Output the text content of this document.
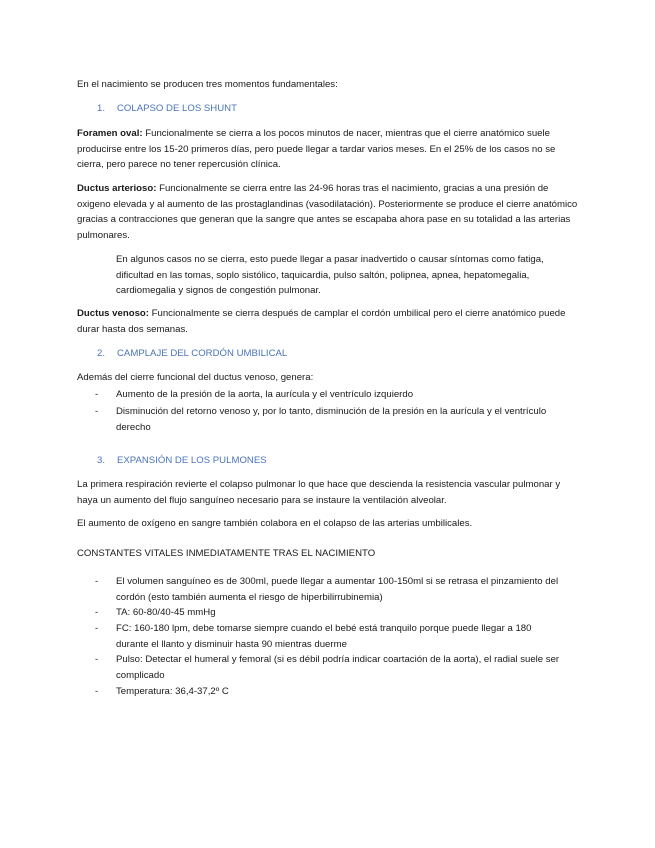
En el nacimiento se producen tres momentos fundamentales:
1. COLAPSO DE LOS SHUNT
Foramen oval: Funcionalmente se cierra a los pocos minutos de nacer, mientras que el cierre anatómico suele producirse entre los 15-20 primeros días, pero puede llegar a tardar varios meses. En el 25% de los casos no se cierra, pero parece no tener repercusión clínica.
Ductus arterioso: Funcionalmente se cierra entre las 24-96 horas tras el nacimiento, gracias a una presión de oxigeno elevada y al aumento de las prostaglandinas (vasodilatación). Posteriormente se produce el cierre anatómico gracias a contracciones que generan que la sangre que antes se escapaba ahora pase en su totalidad a las arterias pulmonares.
En algunos casos no se cierra, esto puede llegar a pasar inadvertido o causar síntomas como fatiga, dificultad en las tomas, soplo sistólico, taquicardia, pulso saltón, polipnea, apnea, hepatomegalia, cardiomegalia y signos de congestión pulmonar.
Ductus venoso: Funcionalmente se cierra después de camplar el cordón umbilical pero el cierre anatómico puede durar hasta dos semanas.
2. CAMPLAJE DEL CORDÓN UMBILICAL
Además del cierre funcional del ductus venoso, genera:
-	Aumento de la presión de la aorta, la aurícula y el ventrículo izquierdo
-	Disminución del retorno venoso y, por lo tanto, disminución de la presión en la aurícula y el ventrículo derecho
3. EXPANSIÓN DE LOS PULMONES
La primera respiración revierte el colapso pulmonar lo que hace que descienda la resistencia vascular pulmonar y haya un aumento del flujo sanguíneo necesario para se instaure la ventilación alveolar.
El aumento de oxígeno en sangre también colabora en el colapso de las arterias umbilicales.
CONSTANTES VITALES INMEDIATAMENTE TRAS EL NACIMIENTO
-	El volumen sanguíneo es de 300ml, puede llegar a aumentar 100-150ml si se retrasa el pinzamiento del cordón (esto también aumenta el riesgo de hiperbilirrubinemia)
-	TA: 60-80/40-45 mmHg
-	FC: 160-180 lpm, debe tomarse siempre cuando el bebé está tranquilo porque puede llegar a 180 durante el llanto y disminuir hasta 90 mientras duerme
-	Pulso: Detectar el humeral y femoral (si es débil podría indicar coartación de la aorta), el radial suele ser complicado
-	Temperatura: 36,4-37,2º C
